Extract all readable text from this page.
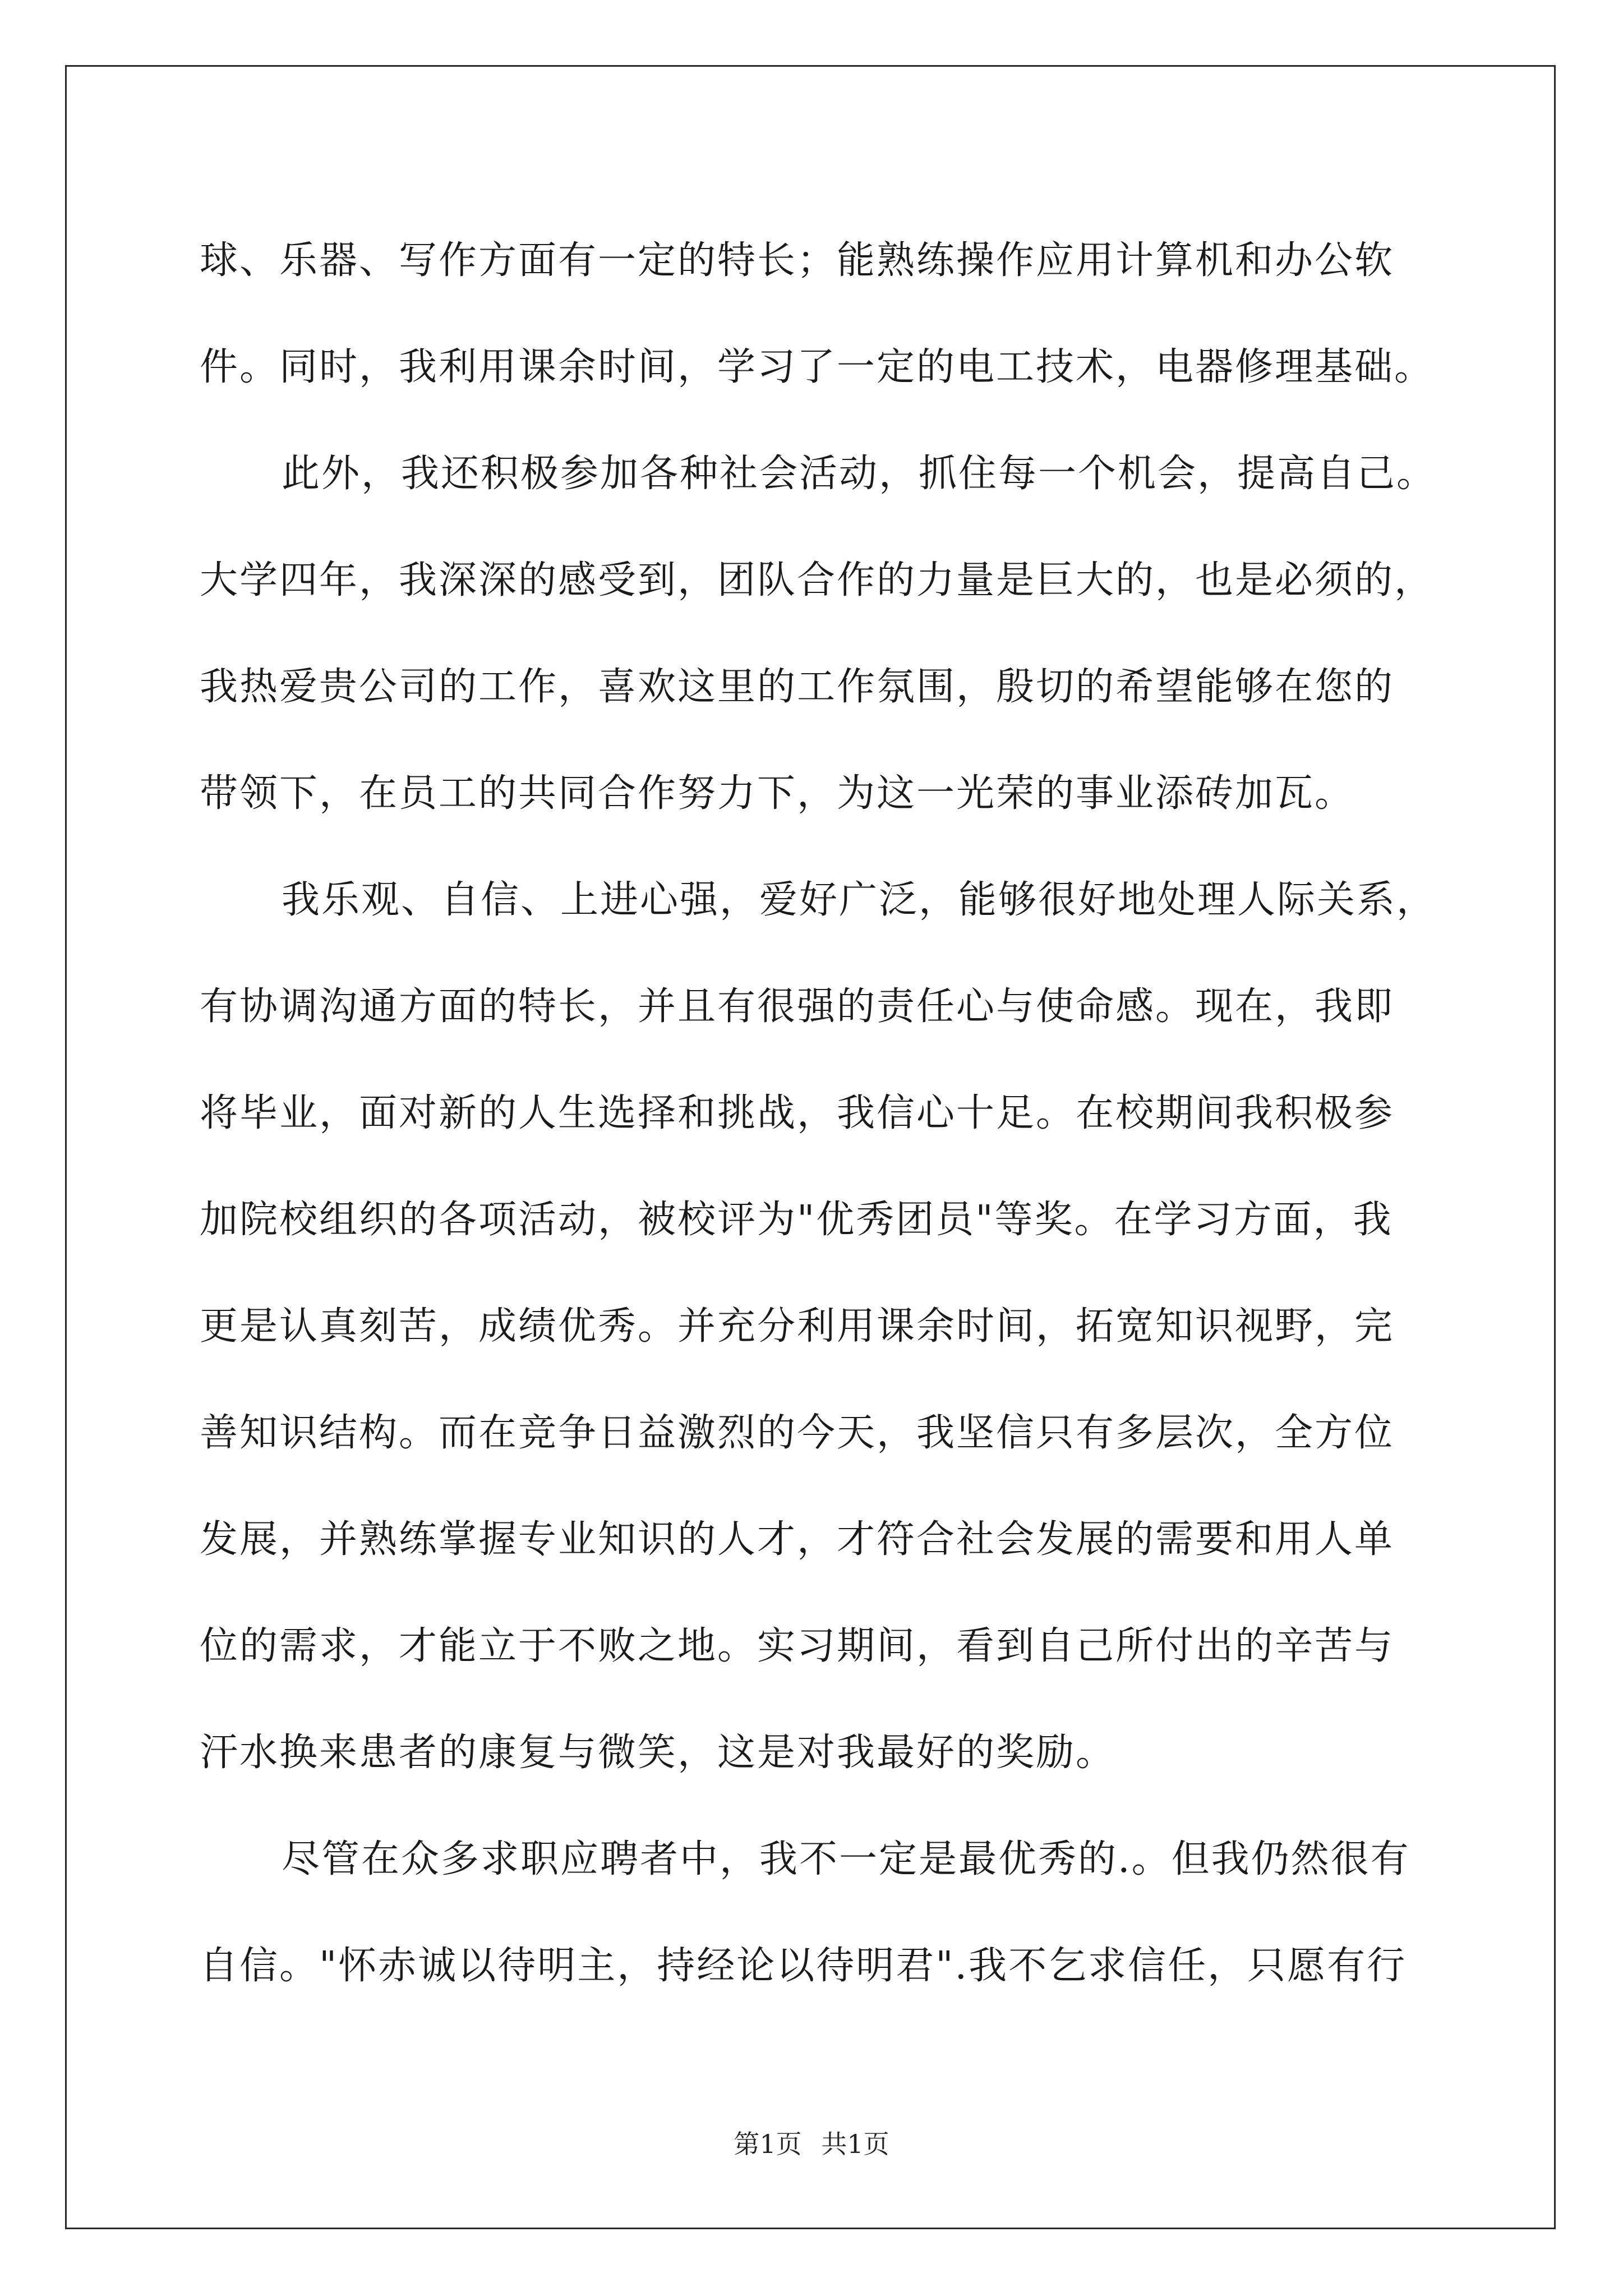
球、乐器、写作方面有一定的特长；能熟练操作应用计算机和办公软
件。同时，我利用课余时间，学习了一定的电工技术，电器修理基础。
此外，我还积极参加各种社会活动，抓住每一个机会，提高自己。
大学四年，我深深的感受到，团队合作的力量是巨大的，也是必须的，
我热爱贵公司的工作，喜欢这里的工作氛围，殷切的希望能够在您的
带领下，在员工的共同合作努力下，为这一光荣的事业添砖加瓦。
我乐观、自信、上进心强，爱好广泛，能够很好地处理人际关系，
有协调沟通方面的特长，并且有很强的责任心与使命感。现在，我即
将毕业，面对新的人生选择和挑战，我信心十足。在校期间我积极参
加院校组织的各项活动，被校评为"优秀团员"等奖。在学习方面，我
更是认真刻苦，成绩优秀。并充分利用课余时间，拓宽知识视野，完
善知识结构。而在竞争日益激烈的今天，我坚信只有多层次，全方位
发展，并熟练掌握专业知识的人才，才符合社会发展的需要和用人单
位的需求，才能立于不败之地。实习期间，看到自己所付出的辛苦与
汗水换来患者的康复与微笑，这是对我最好的奖励。
尽管在众多求职应聘者中，我不一定是最优秀的.。但我仍然很有
自信。"怀赤诚以待明主，持经论以待明君".我不乞求信任，只愿有行
第1页 共1页
